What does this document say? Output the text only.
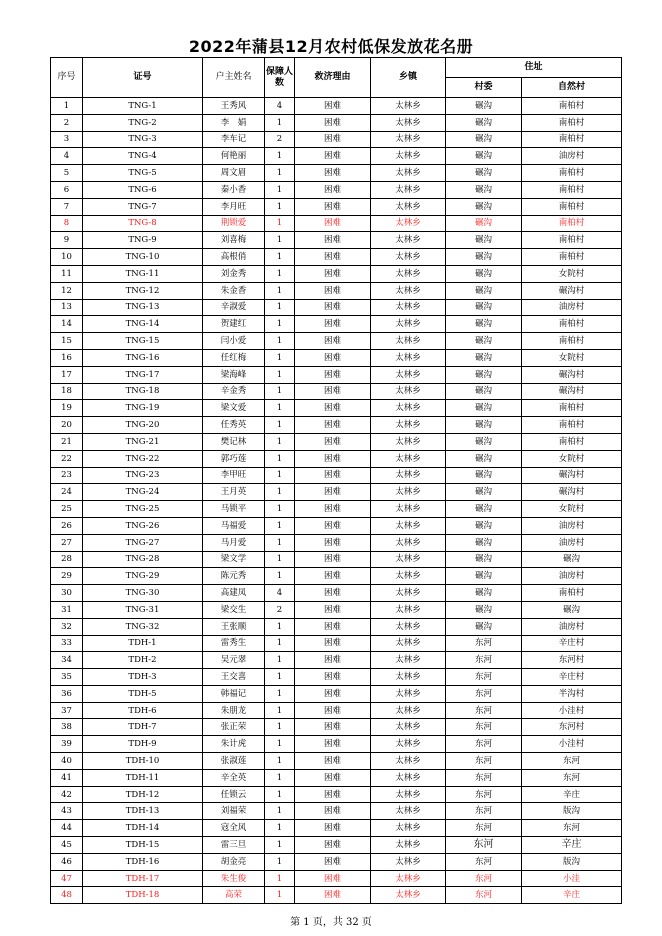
2022年蒲县12月农村低保发放花名册
序号	证号	户主姓名	保障人数	救济理由	乡镇	住址	
						村委	自然村
1	TNG-1	王秀风	4	困难	太林乡	碾沟	南柏村
2	TNG-2	李　娟	1	困难	太林乡	碾沟	南柏村
3	TNG-3	李车记	2	困难	太林乡	碾沟	南柏村
4	TNG-4	何艳丽	1	困难	太林乡	碾沟	油房村
5	TNG-5	周文眉	1	困难	太林乡	碾沟	南柏村
6	TNG-6	秦小香	1	困难	太林乡	碾沟	南柏村
7	TNG-7	李月旺	1	困难	太林乡	碾沟	南柏村
8	TNG-8	荆锁爱	1	困难	太林乡	碾沟	南柏村
9	TNG-9	刘喜梅	1	困难	太林乡	碾沟	南柏村
10	TNG-10	高根俏	1	困难	太林乡	碾沟	南柏村
11	TNG-11	刘金秀	1	困难	太林乡	碾沟	女院村
12	TNG-12	朱金香	1	困难	太林乡	碾沟	碾沟村
13	TNG-13	辛淑爱	1	困难	太林乡	碾沟	油房村
14	TNG-14	贺建红	1	困难	太林乡	碾沟	南柏村
15	TNG-15	闫小爱	1	困难	太林乡	碾沟	南柏村
16	TNG-16	任红梅	1	困难	太林乡	碾沟	女院村
17	TNG-17	梁海峰	1	困难	太林乡	碾沟	碾沟村
18	TNG-18	辛金秀	1	困难	太林乡	碾沟	碾沟村
19	TNG-19	梁文爱	1	困难	太林乡	碾沟	南柏村
20	TNG-20	任秀英	1	困难	太林乡	碾沟	南柏村
21	TNG-21	樊记林	1	困难	太林乡	碾沟	南柏村
22	TNG-22	郭巧莲	1	困难	太林乡	碾沟	女院村
23	TNG-23	李甲旺	1	困难	太林乡	碾沟	碾沟村
24	TNG-24	王月英	1	困难	太林乡	碾沟	碾沟村
25	TNG-25	马锁平	1	困难	太林乡	碾沟	女院村
26	TNG-26	马福爱	1	困难	太林乡	碾沟	油房村
27	TNG-27	马月爱	1	困难	太林乡	碾沟	油房村
28	TNG-28	梁文学	1	困难	太林乡	碾沟	碾沟
29	TNG-29	陈元秀	1	困难	太林乡	碾沟	油房村
30	TNG-30	高建凤	4	困难	太林乡	碾沟	南柏村
31	TNG-31	梁交生	2	困难	太林乡	碾沟	碾沟
32	TNG-32	王张顺	1	困难	太林乡	碾沟	油房村
33	TDH-1	雷秀生	1	困难	太林乡	东河	辛庄村
34	TDH-2	吴元翠	1	困难	太林乡	东河	东河村
35	TDH-3	王交喜	1	困难	太林乡	东河	辛庄村
36	TDH-5	韩福记	1	困难	太林乡	东河	半沟村
37	TDH-6	朱朋龙	1	困难	太林乡	东河	小洼村
38	TDH-7	张正荣	1	困难	太林乡	东河	东河村
39	TDH-9	朱计虎	1	困难	太林乡	东河	小洼村
40	TDH-10	张淑莲	1	困难	太林乡	东河	东河
41	TDH-11	辛全英	1	困难	太林乡	东河	东河
42	TDH-12	任锁云	1	困难	太林乡	东河	辛庄
43	TDH-13	刘福荣	1	困难	太林乡	东河	版沟
44	TDH-14	寇全风	1	困难	太林乡	东河	东河
45	TDH-15	雷三旦	1	困难	太林乡	东河	辛庄
46	TDH-16	胡金亮	1	困难	太林乡	东河	版沟
47	TDH-17	朱生俊	1	困难	太林乡	东河	小洼
48	TDH-18	高荣	1	困难	太林乡	东河	辛庄
第 1 页，共 32 页
